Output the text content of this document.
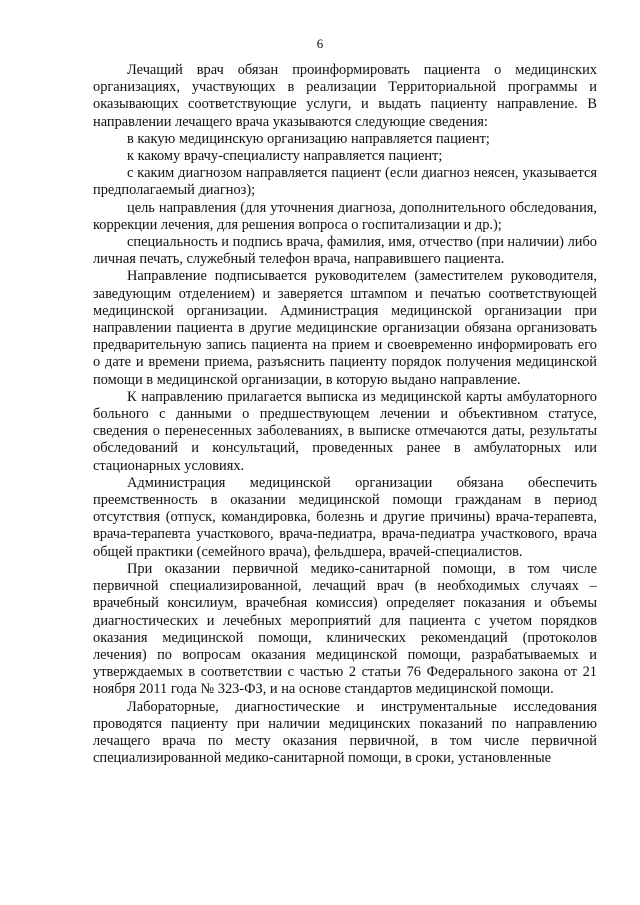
6

Лечащий врач обязан проинформировать пациента о медицинских организациях, участвующих в реализации Территориальной программы и оказывающих соответствующие услуги, и выдать пациенту направление. В направлении лечащего врача указываются следующие сведения:

в какую медицинскую организацию направляется пациент;

к какому врачу-специалисту направляется пациент;

с каким диагнозом направляется пациент (если диагноз неясен, указывается предполагаемый диагноз);

цель направления (для уточнения диагноза, дополнительного обследования, коррекции лечения, для решения вопроса о госпитализации и др.);

специальность и подпись врача, фамилия, имя, отчество (при наличии) либо личная печать, служебный телефон врача, направившего пациента.

Направление подписывается руководителем (заместителем руководителя, заведующим отделением) и заверяется штампом и печатью соответствующей медицинской организации. Администрация медицинской организации при направлении пациента в другие медицинские организации обязана организовать предварительную запись пациента на прием и своевременно информировать его о дате и времени приема, разъяснить пациенту порядок получения медицинской помощи в медицинской организации, в которую выдано направление.

К направлению прилагается выписка из медицинской карты амбулаторного больного с данными о предшествующем лечении и объективном статусе, сведения о перенесенных заболеваниях, в выписке отмечаются даты, результаты обследований и консультаций, проведенных ранее в амбулаторных или стационарных условиях.

Администрация медицинской организации обязана обеспечить преемственность в оказании медицинской помощи гражданам в период отсутствия (отпуск, командировка, болезнь и другие причины) врача-терапевта, врача-терапевта участкового, врача-педиатра, врача-педиатра участкового, врача общей практики (семейного врача), фельдшера, врачей-специалистов.

При оказании первичной медико-санитарной помощи, в том числе первичной специализированной, лечащий врач (в необходимых случаях – врачебный консилиум, врачебная комиссия) определяет показания и объемы диагностических и лечебных мероприятий для пациента с учетом порядков оказания медицинской помощи, клинических рекомендаций (протоколов лечения) по вопросам оказания медицинской помощи, разрабатываемых и утверждаемых в соответствии с частью 2 статьи 76 Федерального закона от 21 ноября 2011 года № 323-ФЗ, и на основе стандартов медицинской помощи.

Лабораторные, диагностические и инструментальные исследования проводятся пациенту при наличии медицинских показаний по направлению лечащего врача по месту оказания первичной, в том числе первичной специализированной медико-санитарной помощи, в сроки, установленные
